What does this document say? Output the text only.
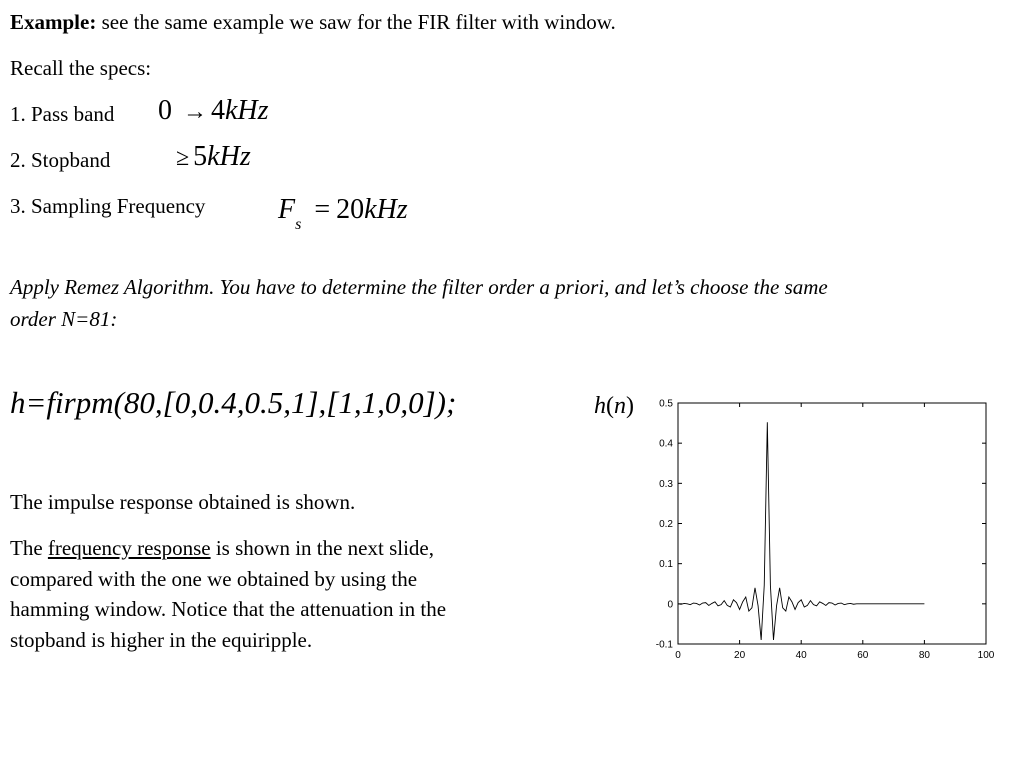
Example: see the same example we saw for the FIR filter with window.
Recall the specs:
1. Pass band 0 → 4kHz
2. Stopband	≥ 5kHz
3. Sampling Frequency	$F_s = 20kHz$
Apply Remez Algorithm. You have to determine the filter order a priori, and let’s choose the same
order N=81:
h=firpm(80,[0,0.4,0.5,1],[1,1,0,0]);
The impulse response obtained is shown.
The frequency response is shown in the next slide,
compared with the one we obtained by using the
hamming window. Notice that the attenuation in the
stopband is higher in the equiripple.
h(n)
0	20	40	60	80	100
-0.1
0
0.1
0.2
0.3
0.4
0.5
